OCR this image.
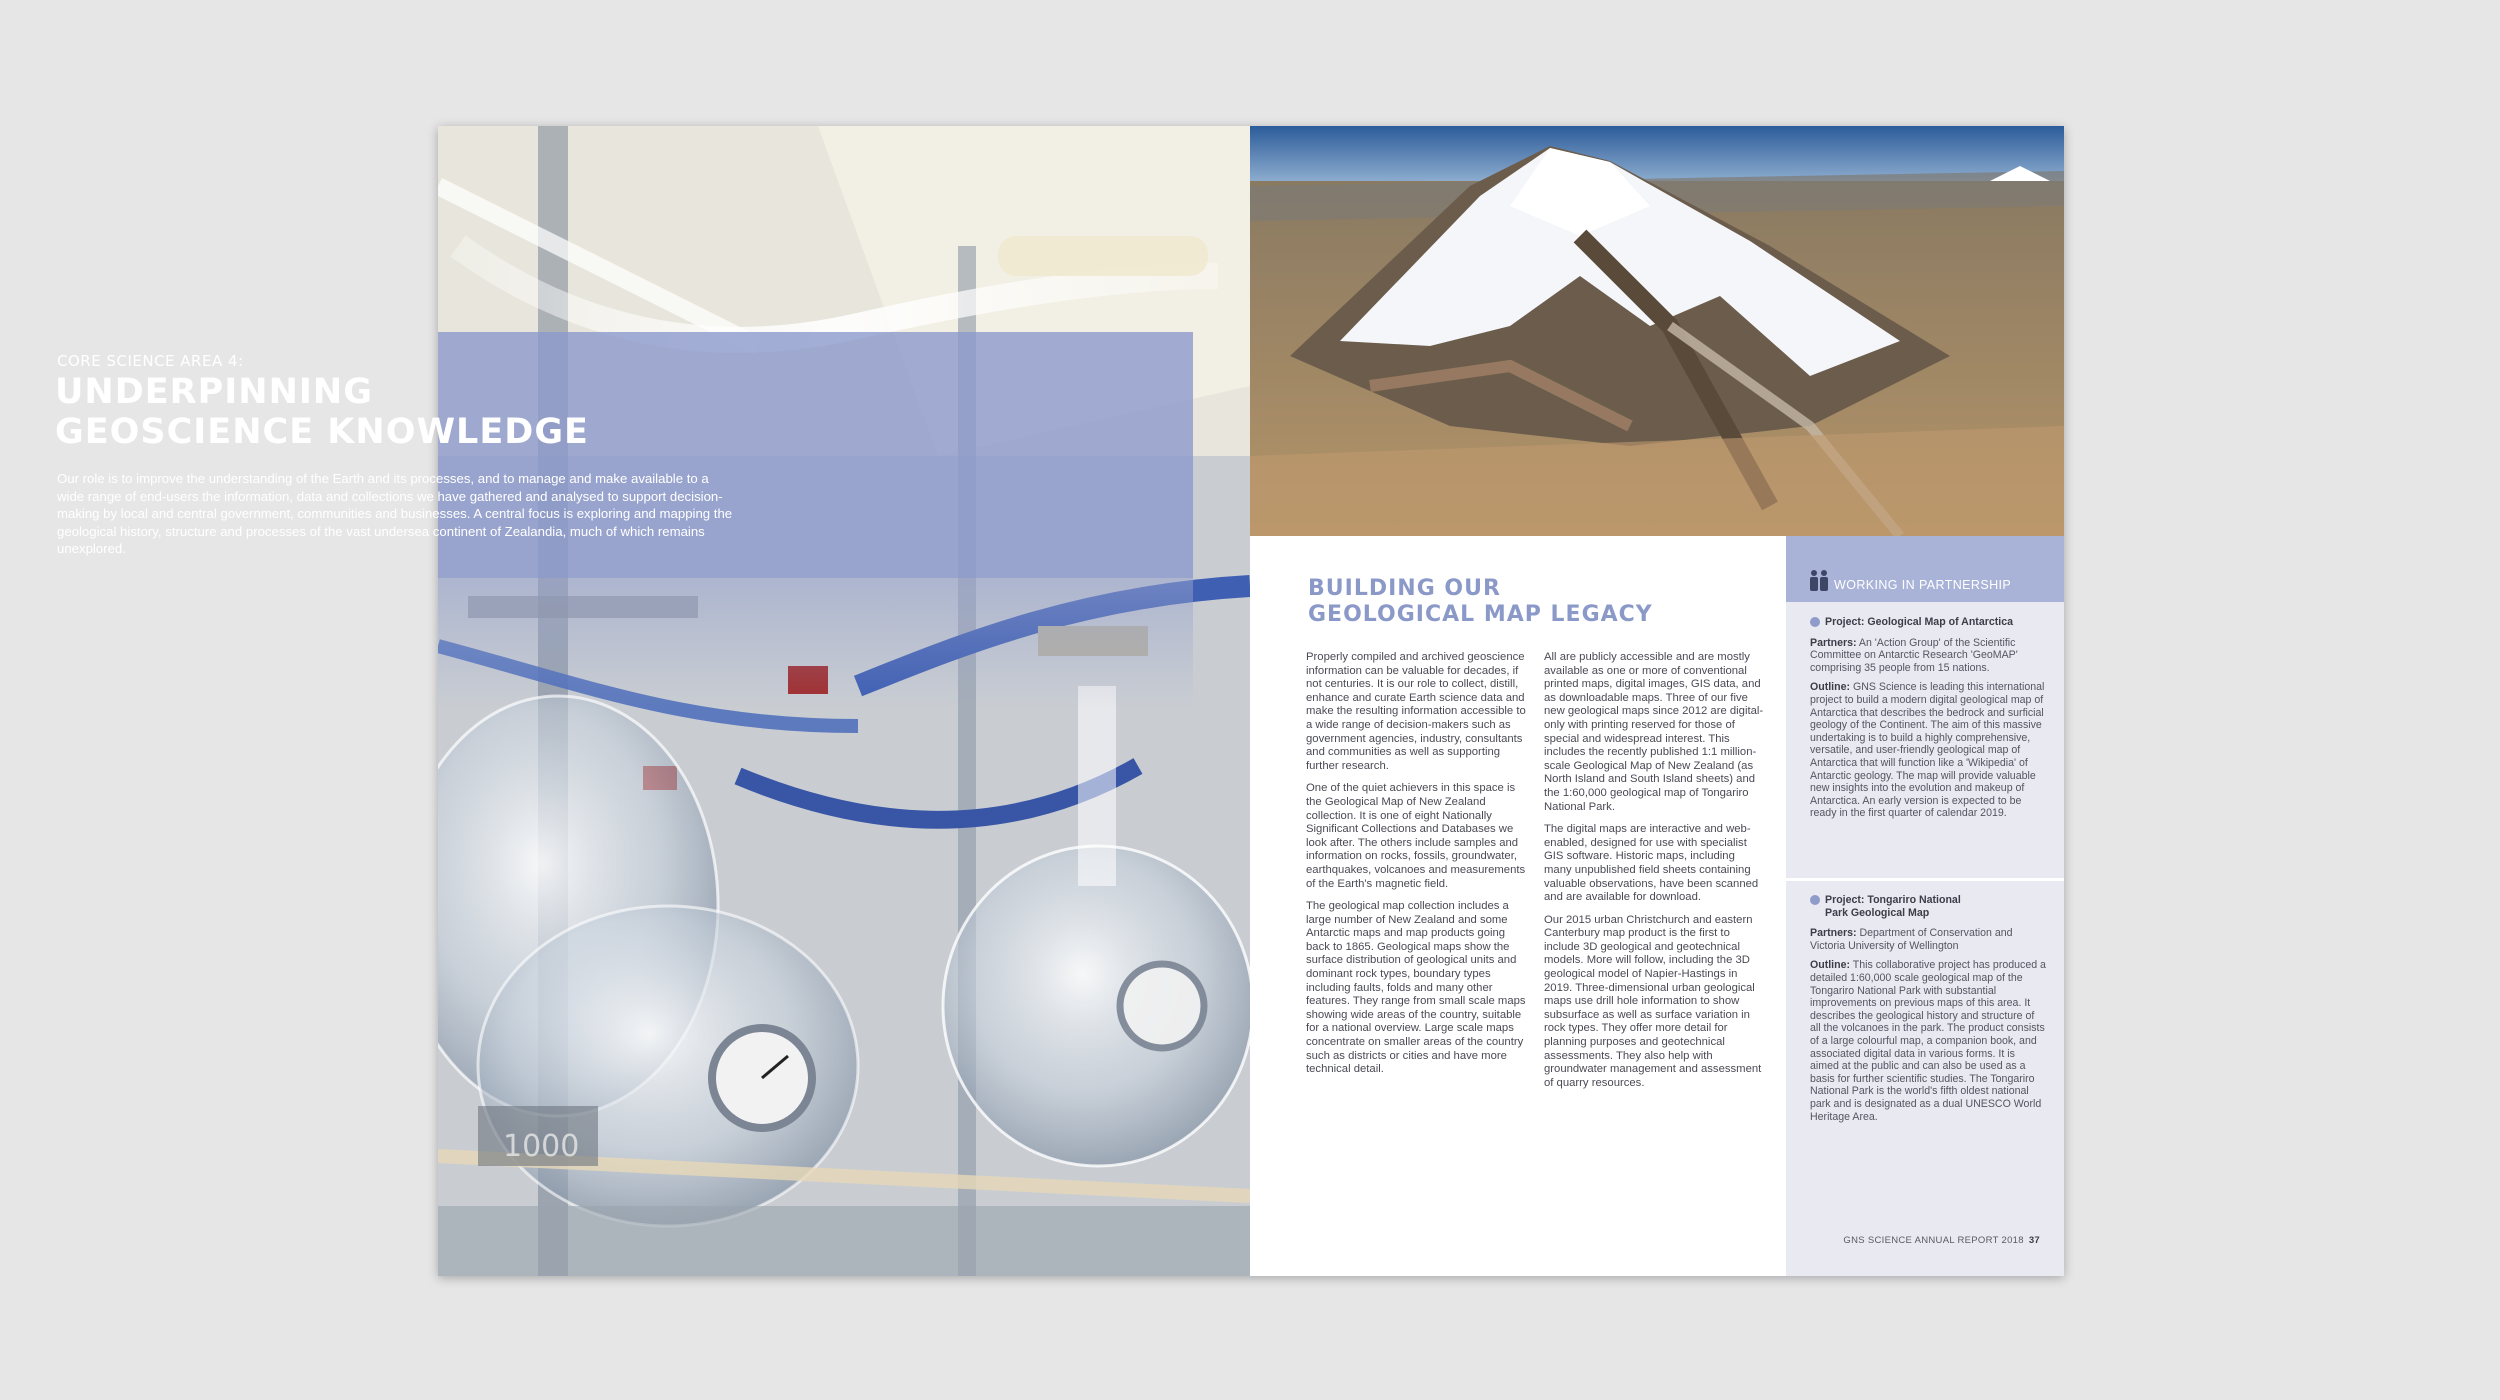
1000
BUILDING OUR
GEOLOGICAL MAP LEGACY

Properly compiled and archived geoscience information can be valuable for decades, if not centuries. It is our role to collect, distill, enhance and curate Earth science data and make the resulting information accessible to a wide range of decision-makers such as government agencies, industry, consultants and communities as well as supporting further research.

One of the quiet achievers in this space is the Geological Map of New Zealand collection. It is one of eight Nationally Significant Collections and Databases we look after. The others include samples and information on rocks, fossils, groundwater, earthquakes, volcanoes and measurements of the Earth's magnetic field.

The geological map collection includes a large number of New Zealand and some Antarctic maps and map products going back to 1865. Geological maps show the surface distribution of geological units and dominant rock types, boundary types including faults, folds and many other features. They range from small scale maps showing wide areas of the country, suitable for a national overview. Large scale maps concentrate on smaller areas of the country such as districts or cities and have more technical detail.

All are publicly accessible and are mostly available as one or more of conventional printed maps, digital images, GIS data, and as downloadable maps. Three of our five new geological maps since 2012 are digital-only with printing reserved for those of special and widespread interest. This includes the recently published 1:1 million-scale Geological Map of New Zealand (as North Island and South Island sheets) and the 1:60,000 geological map of Tongariro National Park.

The digital maps are interactive and web-enabled, designed for use with specialist GIS software. Historic maps, including many unpublished field sheets containing valuable observations, have been scanned and are available for download.

Our 2015 urban Christchurch and eastern Canterbury map product is the first to include 3D geological and geotechnical models. More will follow, including the 3D geological model of Napier-Hastings in 2019. Three-dimensional urban geological maps use drill hole information to show subsurface as well as surface variation in rock types. They offer more detail for planning purposes and geotechnical assessments. They also help with groundwater management and assessment of quarry resources.

WORKING IN PARTNERSHIP
Project: Geological Map of Antarctica

Partners: An 'Action Group' of the Scientific Committee on Antarctic Research 'GeoMAP' comprising 35 people from 15 nations.

Outline: GNS Science is leading this international project to build a modern digital geological map of Antarctica that describes the bedrock and surficial geology of the Continent. The aim of this massive undertaking is to build a highly comprehensive, versatile, and user-friendly geological map of Antarctica that will function like a 'Wikipedia' of Antarctic geology. The map will provide valuable new insights into the evolution and makeup of Antarctica. An early version is expected to be ready in the first quarter of calendar 2019.

Project: Tongariro National
Park Geological Map

Partners: Department of Conservation and Victoria University of Wellington

Outline: This collaborative project has produced a detailed 1:60,000 scale geological map of the Tongariro National Park with substantial improvements on previous maps of this area. It describes the geological history and structure of all the volcanoes in the park. The product consists of a large colourful map, a companion book, and associated digital data in various forms. It is aimed at the public and can also be used as a basis for further scientific studies. The Tongariro National Park is the world's fifth oldest national park and is designated as a dual UNESCO World Heritage Area.

GNS SCIENCE ANNUAL REPORT 2018 37
CORE SCIENCE AREA 4:
UNDERPINNING
GEOSCIENCE KNOWLEDGE
Our role is to improve the understanding of the Earth and its processes, and to manage and make available to a wide range of end-users the information, data and collections we have gathered and analysed to support decision-making by local and central government, communities and businesses. A central focus is exploring and mapping the geological history, structure and processes of the vast undersea continent of Zealandia, much of which remains unexplored.
